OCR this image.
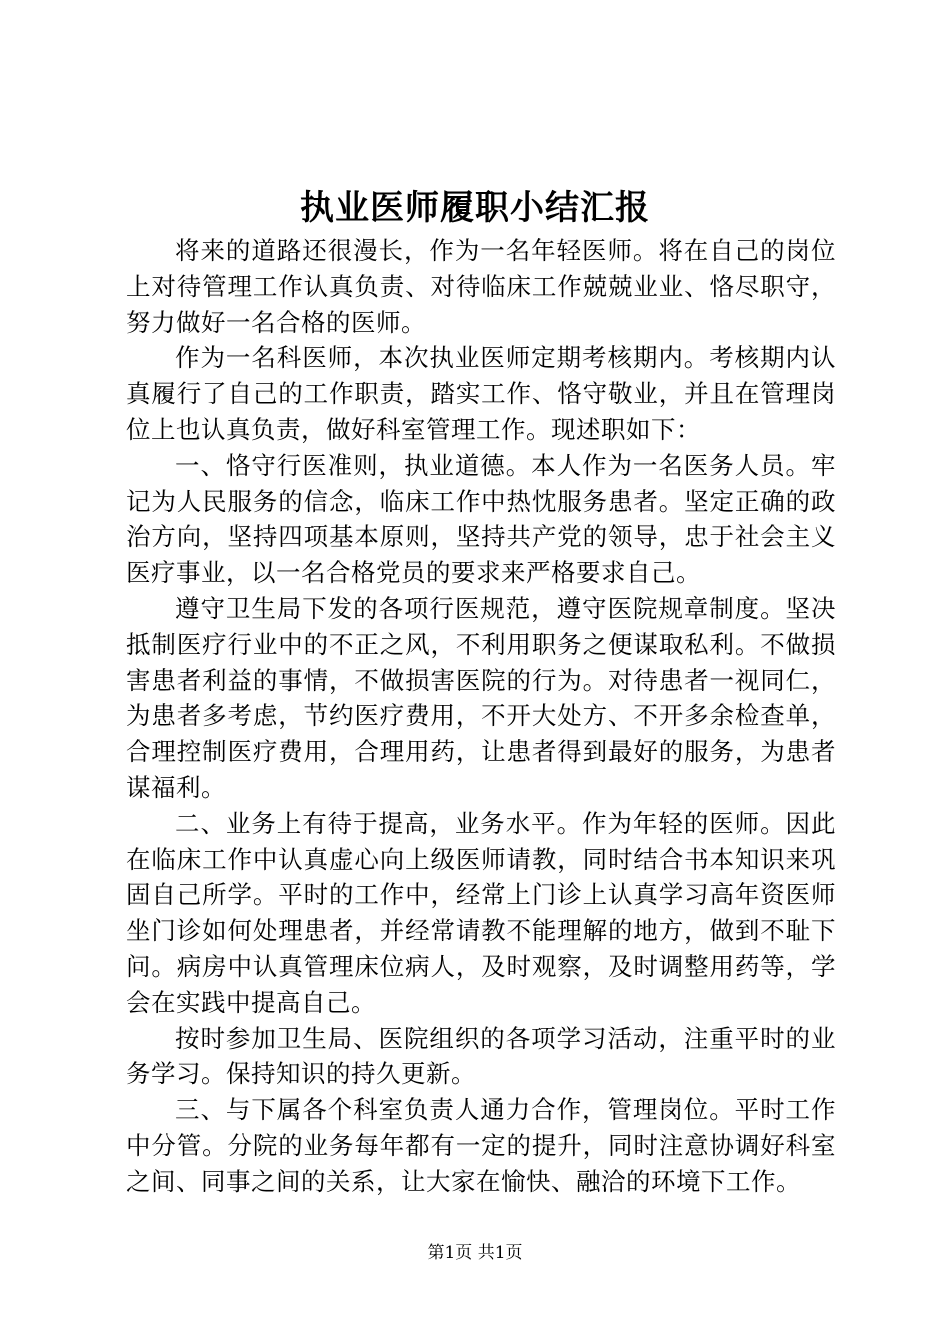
执业医师履职小结汇报

将来的道路还很漫长，作为一名年轻医师。将在自己的岗位上对待管理工作认真负责、对待临床工作兢兢业业、恪尽职守，努力做好一名合格的医师。

作为一名科医师，本次执业医师定期考核期内。考核期内认真履行了自己的工作职责，踏实工作、恪守敬业，并且在管理岗位上也认真负责，做好科室管理工作。现述职如下：

一、恪守行医准则，执业道德。本人作为一名医务人员。牢记为人民服务的信念，临床工作中热忱服务患者。坚定正确的政治方向，坚持四项基本原则，坚持共产党的领导，忠于社会主义医疗事业，以一名合格党员的要求来严格要求自己。

遵守卫生局下发的各项行医规范，遵守医院规章制度。坚决抵制医疗行业中的不正之风，不利用职务之便谋取私利。不做损害患者利益的事情，不做损害医院的行为。对待患者一视同仁，为患者多考虑，节约医疗费用，不开大处方、不开多余检查单，合理控制医疗费用，合理用药，让患者得到最好的服务，为患者谋福利。

二、业务上有待于提高，业务水平。作为年轻的医师。因此在临床工作中认真虚心向上级医师请教，同时结合书本知识来巩固自己所学。平时的工作中，经常上门诊上认真学习高年资医师坐门诊如何处理患者，并经常请教不能理解的地方，做到不耻下问。病房中认真管理床位病人，及时观察，及时调整用药等，学会在实践中提高自己。

按时参加卫生局、医院组织的各项学习活动，注重平时的业务学习。保持知识的持久更新。

三、与下属各个科室负责人通力合作，管理岗位。平时工作中分管。分院的业务每年都有一定的提升，同时注意协调好科室之间、同事之间的关系，让大家在愉快、融洽的环境下工作。

第1页 共1页
